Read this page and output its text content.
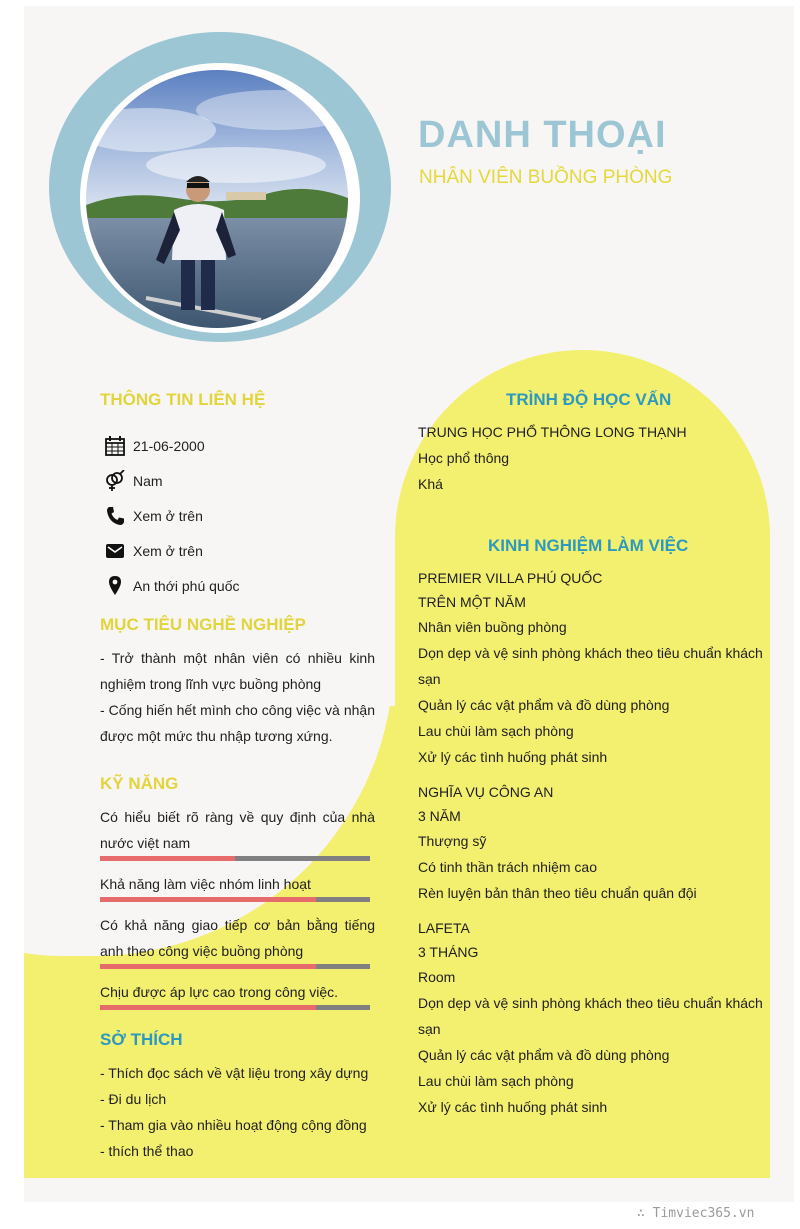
DANH THOẠI
NHÂN VIÊN BUỒNG PHÒNG
THÔNG TIN LIÊN HỆ
21-06-2000
Nam
Xem ở trên
Xem ở trên
An thới phú quốc
MỤC TIÊU NGHỀ NGHIỆP

- Trở thành một nhân viên có nhiều kinh nghiệm trong lĩnh vực buồng phòng

- Cống hiến hết mình cho công việc và nhận được một mức thu nhập tương xứng.

KỸ NĂNG
Có hiểu biết rõ ràng về quy định của nhà nước việt nam
Khả năng làm việc nhóm linh hoạt
Có khả năng giao tiếp cơ bản bằng tiếng anh theo công việc buồng phòng
Chịu được áp lực cao trong công việc.
SỞ THÍCH
- Thích đọc sách về vật liệu trong xây dựng
- Đi du lịch
- Tham gia vào nhiều hoạt động cộng đồng
- thích thể thao
TRÌNH ĐỘ HỌC VẤN
TRUNG HỌC PHỔ THÔNG LONG THẠNH
Học phổ thông
Khá
KINH NGHIỆM LÀM VIỆC
PREMIER VILLA PHÚ QUỐC
TRÊN MỘT NĂM
Nhân viên buồng phòng
Dọn dẹp và vệ sinh phòng khách theo tiêu chuẩn khách sạn
Quản lý các vật phẩm và đồ dùng phòng
Lau chùi làm sạch phòng
Xử lý các tình huống phát sinh
NGHĨA VỤ CÔNG AN
3 NĂM
Thượng sỹ
Có tinh thần trách nhiệm cao
Rèn luyện bản thân theo tiêu chuẩn quân đội
LAFETA
3 THÁNG
Room
Dọn dẹp và vệ sinh phòng khách theo tiêu chuẩn khách sạn
Quản lý các vật phẩm và đồ dùng phòng
Lau chùi làm sạch phòng
Xử lý các tình huống phát sinh
∴ Timviec365.vn
